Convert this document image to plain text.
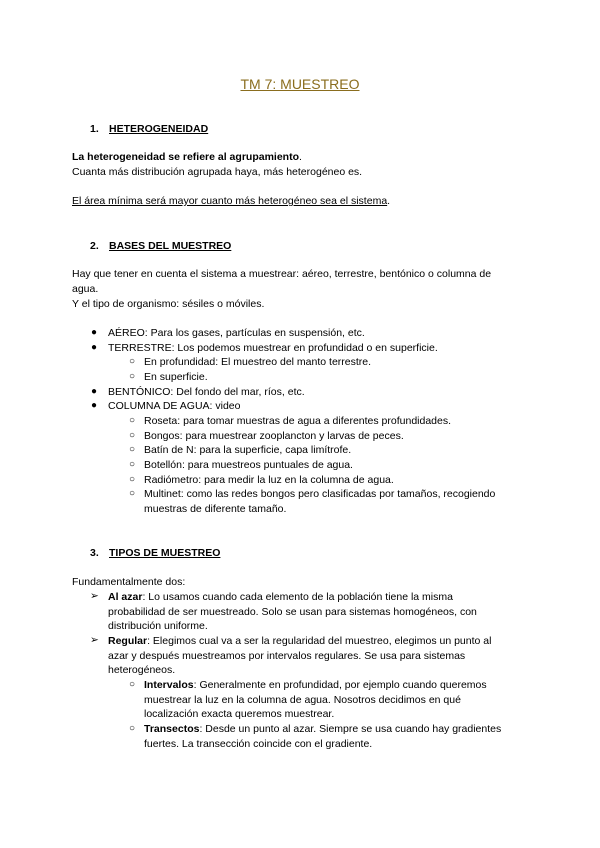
TM 7: MUESTREO
1. HETEROGENEIDAD
La heterogeneidad se refiere al agrupamiento.
Cuanta más distribución agrupada haya, más heterogéneo es.
El área mínima será mayor cuanto más heterogéneo sea el sistema.
2. BASES DEL MUESTREO
Hay que tener en cuenta el sistema a muestrear: aéreo, terrestre, bentónico o columna de
agua.
Y el tipo de organismo: sésiles o móviles.
● AÉREO: Para los gases, partículas en suspensión, etc.
● TERRESTRE: Los podemos muestrear en profundidad o en superficie.
○ En profundidad: El muestreo del manto terrestre.
○ En superficie.
● BENTÓNICO: Del fondo del mar, ríos, etc.
● COLUMNA DE AGUA: video
○ Roseta: para tomar muestras de agua a diferentes profundidades.
○ Bongos: para muestrear zooplancton y larvas de peces.
○ Batín de N: para la superficie, capa limítrofe.
○ Botellón: para muestreos puntuales de agua.
○ Radiómetro: para medir la luz en la columna de agua.
○ Multinet: como las redes bongos pero clasificadas por tamaños, recogiendo
muestras de diferente tamaño.
3. TIPOS DE MUESTREO
Fundamentalmente dos:
➢ Al azar: Lo usamos cuando cada elemento de la población tiene la misma
probabilidad de ser muestreado. Solo se usan para sistemas homogéneos, con
distribución uniforme.
➢ Regular: Elegimos cual va a ser la regularidad del muestreo, elegimos un punto al
azar y después muestreamos por intervalos regulares. Se usa para sistemas
heterogéneos.
○ Intervalos: Generalmente en profundidad, por ejemplo cuando queremos
muestrear la luz en la columna de agua. Nosotros decidimos en qué
localización exacta queremos muestrear.
○ Transectos: Desde un punto al azar. Siempre se usa cuando hay gradientes
fuertes. La transección coincide con el gradiente.
